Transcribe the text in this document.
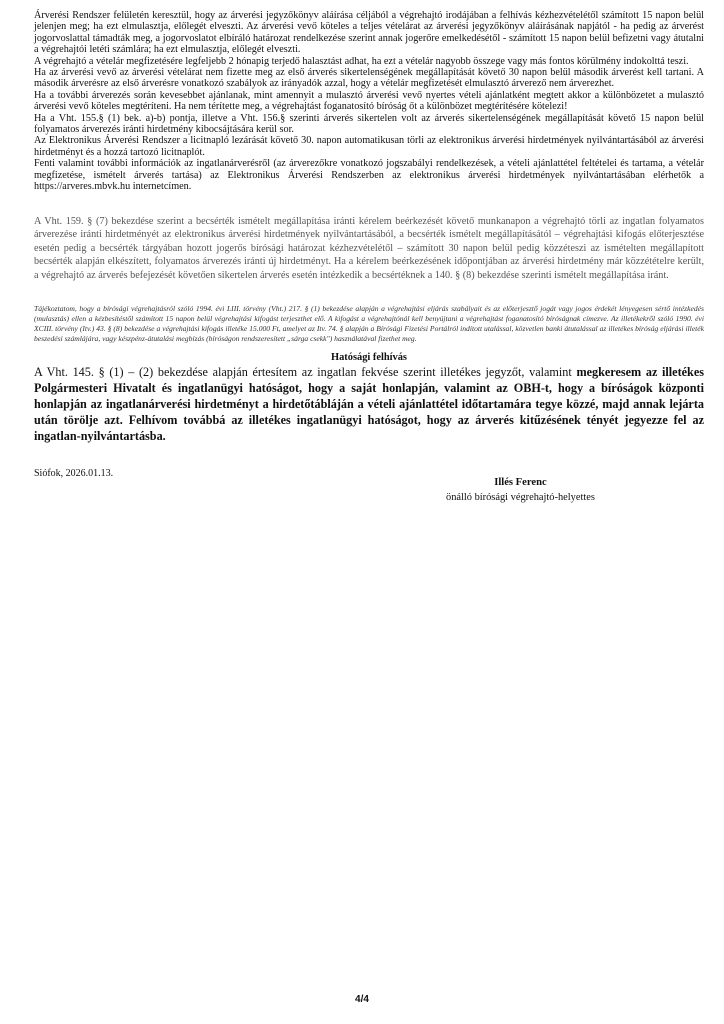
Árverési Rendszer felületén keresztül, hogy az árverési jegyzőkönyv aláírása céljából a végrehajtó irodájában a felhívás kézhezvételétől számított 15 napon belül jelenjen meg; ha ezt elmulasztja, előlegét elveszti. Az árverési vevő köteles a teljes vételárat az árverési jegyzőkönyv aláírásának napjától - ha pedig az árverést jogorvoslattal támadták meg, a jogorvoslatot elbíráló határozat rendelkezése szerint annak jogerőre emelkedésétől - számított 15 napon belül befizetni vagy átutalni a végrehajtói letéti számlára; ha ezt elmulasztja, előlegét elveszti.

A végrehajtó a vételár megfizetésére legfeljebb 2 hónapig terjedő halasztást adhat, ha ezt a vételár nagyobb összege vagy más fontos körülmény indokolttá teszi.

Ha az árverési vevő az árverési vételárat nem fizette meg az első árverés sikertelenségének megállapítását követő 30 napon belül második árverést kell tartani. A második árverésre az első árverésre vonatkozó szabályok az irányadók azzal, hogy a vételár megfizetését elmulasztó árverező nem árverezhet.

Ha a további árverezés során kevesebbet ajánlanak, mint amennyit a mulasztó árverési vevő nyertes vételi ajánlatként megtett akkor a különbözetet a mulasztó árverési vevő köteles megtéríteni. Ha nem térítette meg, a végrehajtást foganatosító bíróság őt a különbözet megtérítésére kötelezi!

Ha a Vht. 155.§ (1) bek. a)-b) pontja, illetve a Vht. 156.§ szerinti árverés sikertelen volt az árverés sikertelenségének megállapítását követő 15 napon belül folyamatos árverezés iránti hirdetmény kibocsájtására kerül sor.

Az Elektronikus Árverési Rendszer a licitnapló lezárását követő 30. napon automatikusan törli az elektronikus árverési hirdetmények nyilvántartásából az árverési hirdetményt és a hozzá tartozó licitnaplót.

Fenti valamint további információk az ingatlanárverésről (az árverezőkre vonatkozó jogszabályi rendelkezések, a vételi ajánlattétel feltételei és tartama, a vételár megfizetése, ismételt árverés tartása) az Elektronikus Árverési Rendszerben az elektronikus árverési hirdetmények nyilvántartásában elérhetők a https://arveres.mbvk.hu internetcímen.

A Vht. 159. § (7) bekezdése szerint a becsérték ismételt megállapítása iránti kérelem beérkezését követő munkanapon a végrehajtó törli az ingatlan folyamatos árverezése iránti hirdetményét az elektronikus árverési hirdetmények nyilvántartásából, a becsérték ismételt megállapításától – végrehajtási kifogás előterjesztése esetén pedig a becsérték tárgyában hozott jogerős bírósági határozat kézhezvételétől – számított 30 napon belül pedig közzéteszi az ismételten megállapított becsérték alapján elkészített, folyamatos árverezés iránti új hirdetményt. Ha a kérelem beérkezésének időpontjában az árverési hirdetmény már közzétételre került, a végrehajtó az árverés befejezését követően sikertelen árverés esetén intézkedik a becsértéknek a 140. § (8) bekezdése szerinti ismételt megállapítása iránt.
Tájékoztatom, hogy a bírósági végrehajtásról szóló 1994. évi LIII. törvény (Vht.) 217. § (1) bekezdése alapján a végrehajtási eljárás szabályait és az előterjesztő jogát vagy jogos érdekét lényegesen sértő intézkedés (mulasztás) ellen a kézbesítéstől számított 15 napon belül végrehajtási kifogást terjeszthet elő. A kifogást a végrehajtónál kell benyújtani a végrehajtást foganatosító bíróságnak címezve. Az illetékekről szóló 1990. évi XCIII. törvény (Itv.) 43. § (8) bekezdése a végrehajtási kifogás illetéke 15.000 Ft, amelyet az Itv. 74. § alapján a Bírósági Fizetési Portálról indított utalással, közvetlen banki átutalással az illetékes bíróság eljárási illeték beszedési számlájára, vagy készpénz-átutalási megbízás (bíróságon rendszeresített „sárga csekk") használatával fizethet meg.
Hatósági felhívás
A Vht. 145. § (1) – (2) bekezdése alapján értesítem az ingatlan fekvése szerint illetékes jegyzőt, valamint megkeresem az illetékes Polgármesteri Hivatalt és ingatlanügyi hatóságot, hogy a saját honlapján, valamint az OBH-t, hogy a bíróságok központi honlapján az ingatlanárverési hirdetményt a hirdetőtábláján a vételi ajánlattétel időtartamára tegye közzé, majd annak lejárta után törölje azt. Felhívom továbbá az illetékes ingatlanügyi hatóságot, hogy az árverés kitűzésének tényét jegyezze fel az ingatlan-nyilvántartásba.
Siófok, 2026.01.13.
Illés Ferenc
önálló bírósági végrehajtó-helyettes
4/4
